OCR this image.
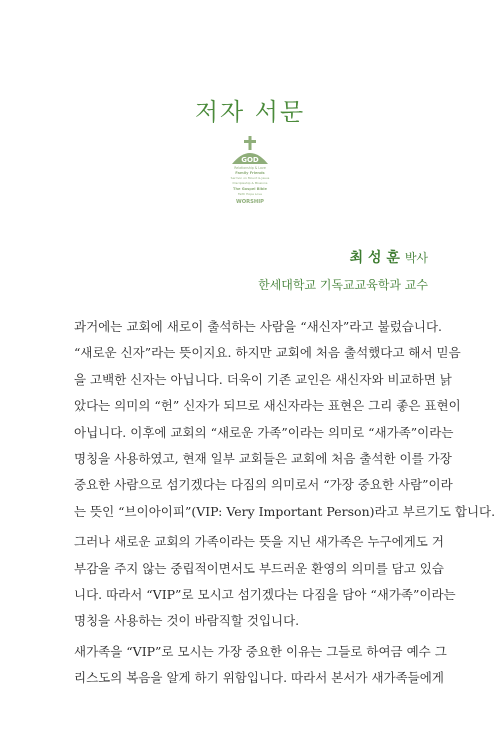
저자 서문
GOD
Relationship & Love
Family Friends
Sermon on Mount & Jesus
Discipleship & Missions
The Gospel Bible
Faith Hope Love
WORSHIP
최 성 훈 박사
한세대학교 기독교교육학과 교수

과거에는 교회에 새로이 출석하는 사람을 “새신자”라고 불렀습니다.
“새로운 신자”라는 뜻이지요. 하지만 교회에 처음 출석했다고 해서 믿음
을 고백한 신자는 아닙니다. 더욱이 기존 교인은 새신자와 비교하면 낡
았다는 의미의 “헌” 신자가 되므로 새신자라는 표현은 그리 좋은 표현이
아닙니다. 이후에 교회의 “새로운 가족”이라는 의미로 “새가족”이라는
명칭을 사용하였고, 현재 일부 교회들은 교회에 처음 출석한 이를 가장
중요한 사람으로 섬기겠다는 다짐의 의미로서 “가장 중요한 사람”이라
는 뜻인 “브이아이피”(VIP: Very Important Person)라고 부르기도 합니다.

그러나 새로운 교회의 가족이라는 뜻을 지닌 새가족은 누구에게도 거
부감을 주지 않는 중립적이면서도 부드러운 환영의 의미를 담고 있습
니다. 따라서 “VIP”로 모시고 섬기겠다는 다짐을 담아 “새가족”이라는
명칭을 사용하는 것이 바람직할 것입니다.

새가족을 “VIP”로 모시는 가장 중요한 이유는 그들로 하여금 예수 그
리스도의 복음을 알게 하기 위함입니다. 따라서 본서가 새가족들에게
